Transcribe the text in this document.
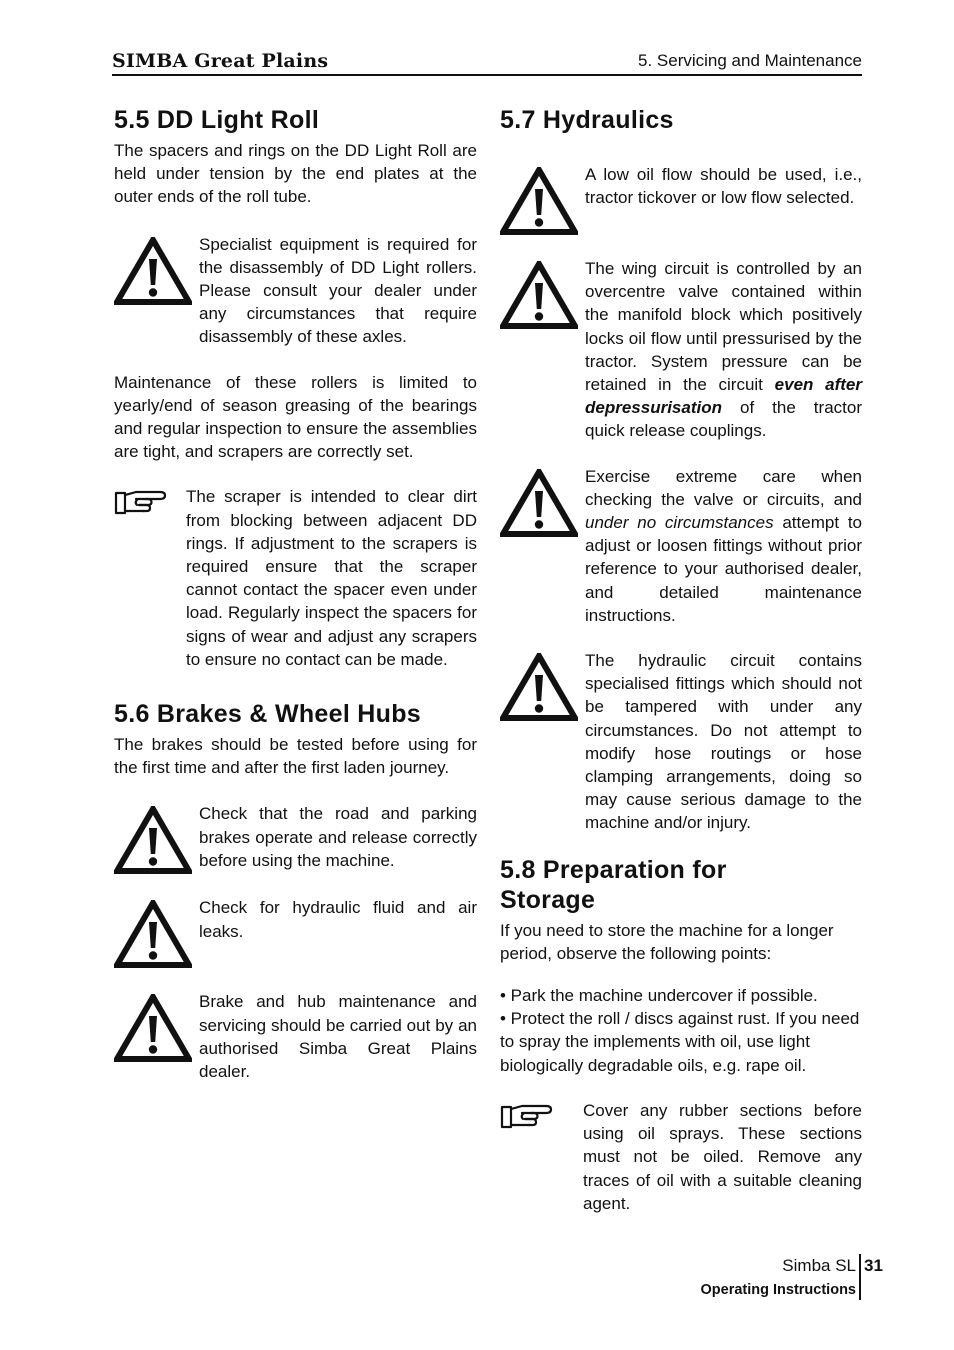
SIMBA Great Plains	5. Servicing and Maintenance
5.5 DD Light Roll

The spacers and rings on the DD Light Roll are held under tension by the end plates at the outer ends of the roll tube.

Specialist equipment is required for the disassembly of DD Light rollers. Please consult your dealer under any circumstances that require disassembly of these axles.

Maintenance of these rollers is limited to yearly/end of season greasing of the bearings and regular inspection to ensure the assemblies are tight, and scrapers are correctly set.

The scraper is intended to clear dirt from blocking between adjacent DD rings. If adjustment to the scrapers is required ensure that the scraper cannot contact the spacer even under load. Regularly inspect the spacers for signs of wear and adjust any scrapers to ensure no contact can be made.

5.6 Brakes & Wheel Hubs

The brakes should be tested before using for the first time and after the first laden journey.

Check that the road and parking brakes operate and release correctly before using the machine.

Check for hydraulic fluid and air leaks.

Brake and hub maintenance and servicing should be carried out by an authorised Simba Great Plains dealer.

5.7 Hydraulics

A low oil flow should be used, i.e., tractor tickover or low flow selected.

The wing circuit is controlled by an overcentre valve contained within the manifold block which positively locks oil flow until pressurised by the tractor. System pressure can be retained in the circuit even after depressurisation of the tractor quick release couplings.

Exercise extreme care when checking the valve or circuits, and under no circumstances attempt to adjust or loosen fittings without prior reference to your authorised dealer, and detailed maintenance instructions.

The hydraulic circuit contains specialised fittings which should not be tampered with under any circumstances. Do not attempt to modify hose routings or hose clamping arrangements, doing so may cause serious damage to the machine and/or injury.

5.8 Preparation for
Storage

If you need to store the machine for a longer period, observe the following points:

• Park the machine undercover if possible.

• Protect the roll / discs against rust. If you need to spray the implements with oil, use light biologically degradable oils, e.g. rape oil.

Cover any rubber sections before using oil sprays. These sections must not be oiled. Remove any traces of oil with a suitable cleaning agent.

Simba SL 31
Operating Instructions
